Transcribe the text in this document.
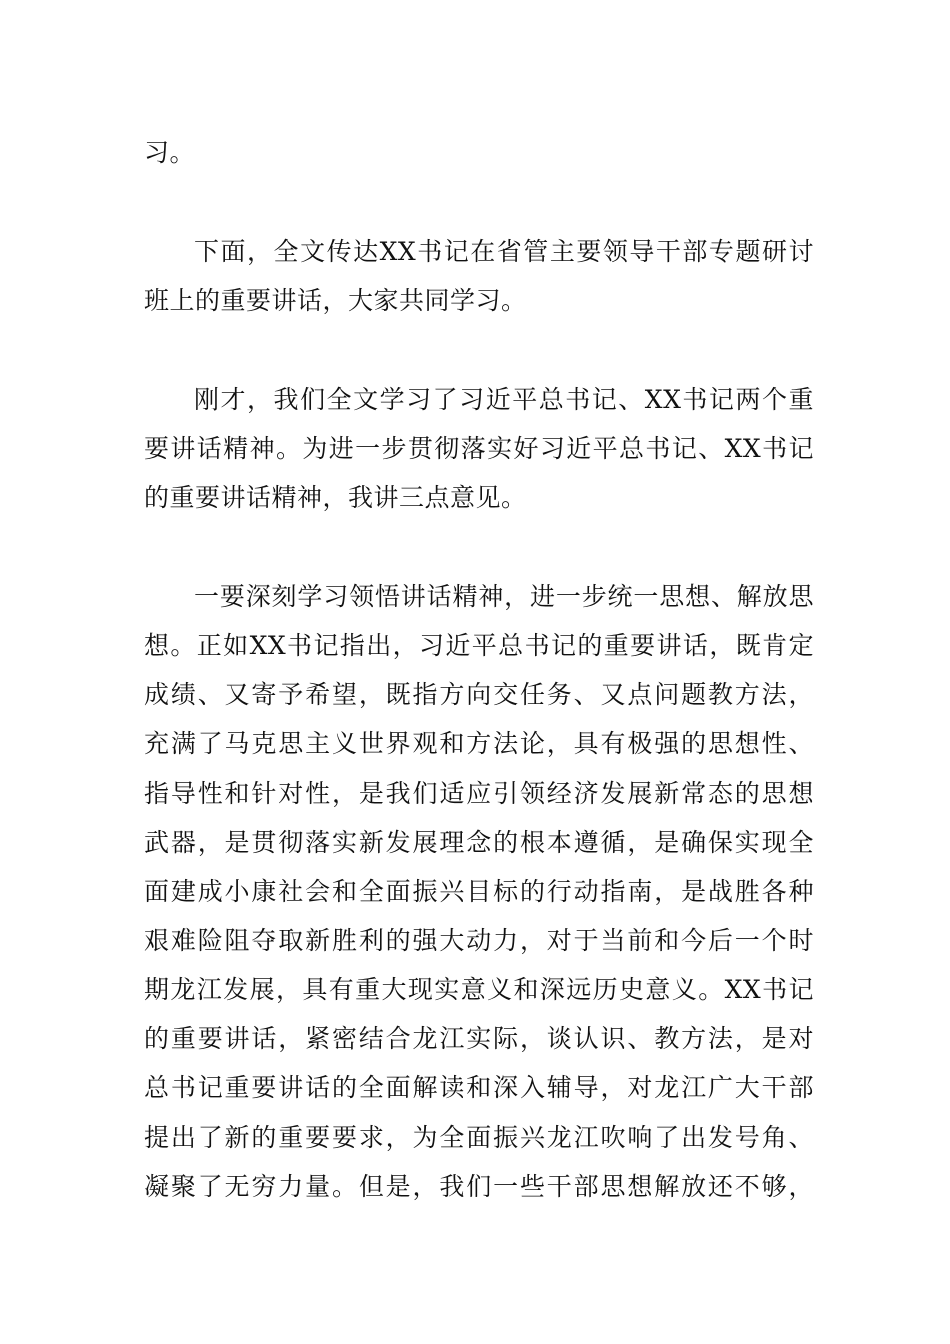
习。
下面，全文传达XX书记在省管主要领导干部专题研讨
班上的重要讲话，大家共同学习。
刚才，我们全文学习了习近平总书记、XX书记两个重
要讲话精神。为进一步贯彻落实好习近平总书记、XX书记
的重要讲话精神，我讲三点意见。
一要深刻学习领悟讲话精神，进一步统一思想、解放思
想。正如XX书记指出，习近平总书记的重要讲话，既肯定
成绩、又寄予希望，既指方向交任务、又点问题教方法，
充满了马克思主义世界观和方法论，具有极强的思想性、
指导性和针对性，是我们适应引领经济发展新常态的思想
武器，是贯彻落实新发展理念的根本遵循，是确保实现全
面建成小康社会和全面振兴目标的行动指南，是战胜各种
艰难险阻夺取新胜利的强大动力，对于当前和今后一个时
期龙江发展，具有重大现实意义和深远历史意义。XX书记
的重要讲话，紧密结合龙江实际，谈认识、教方法，是对
总书记重要讲话的全面解读和深入辅导，对龙江广大干部
提出了新的重要要求，为全面振兴龙江吹响了出发号角、
凝聚了无穷力量。但是，我们一些干部思想解放还不够，
